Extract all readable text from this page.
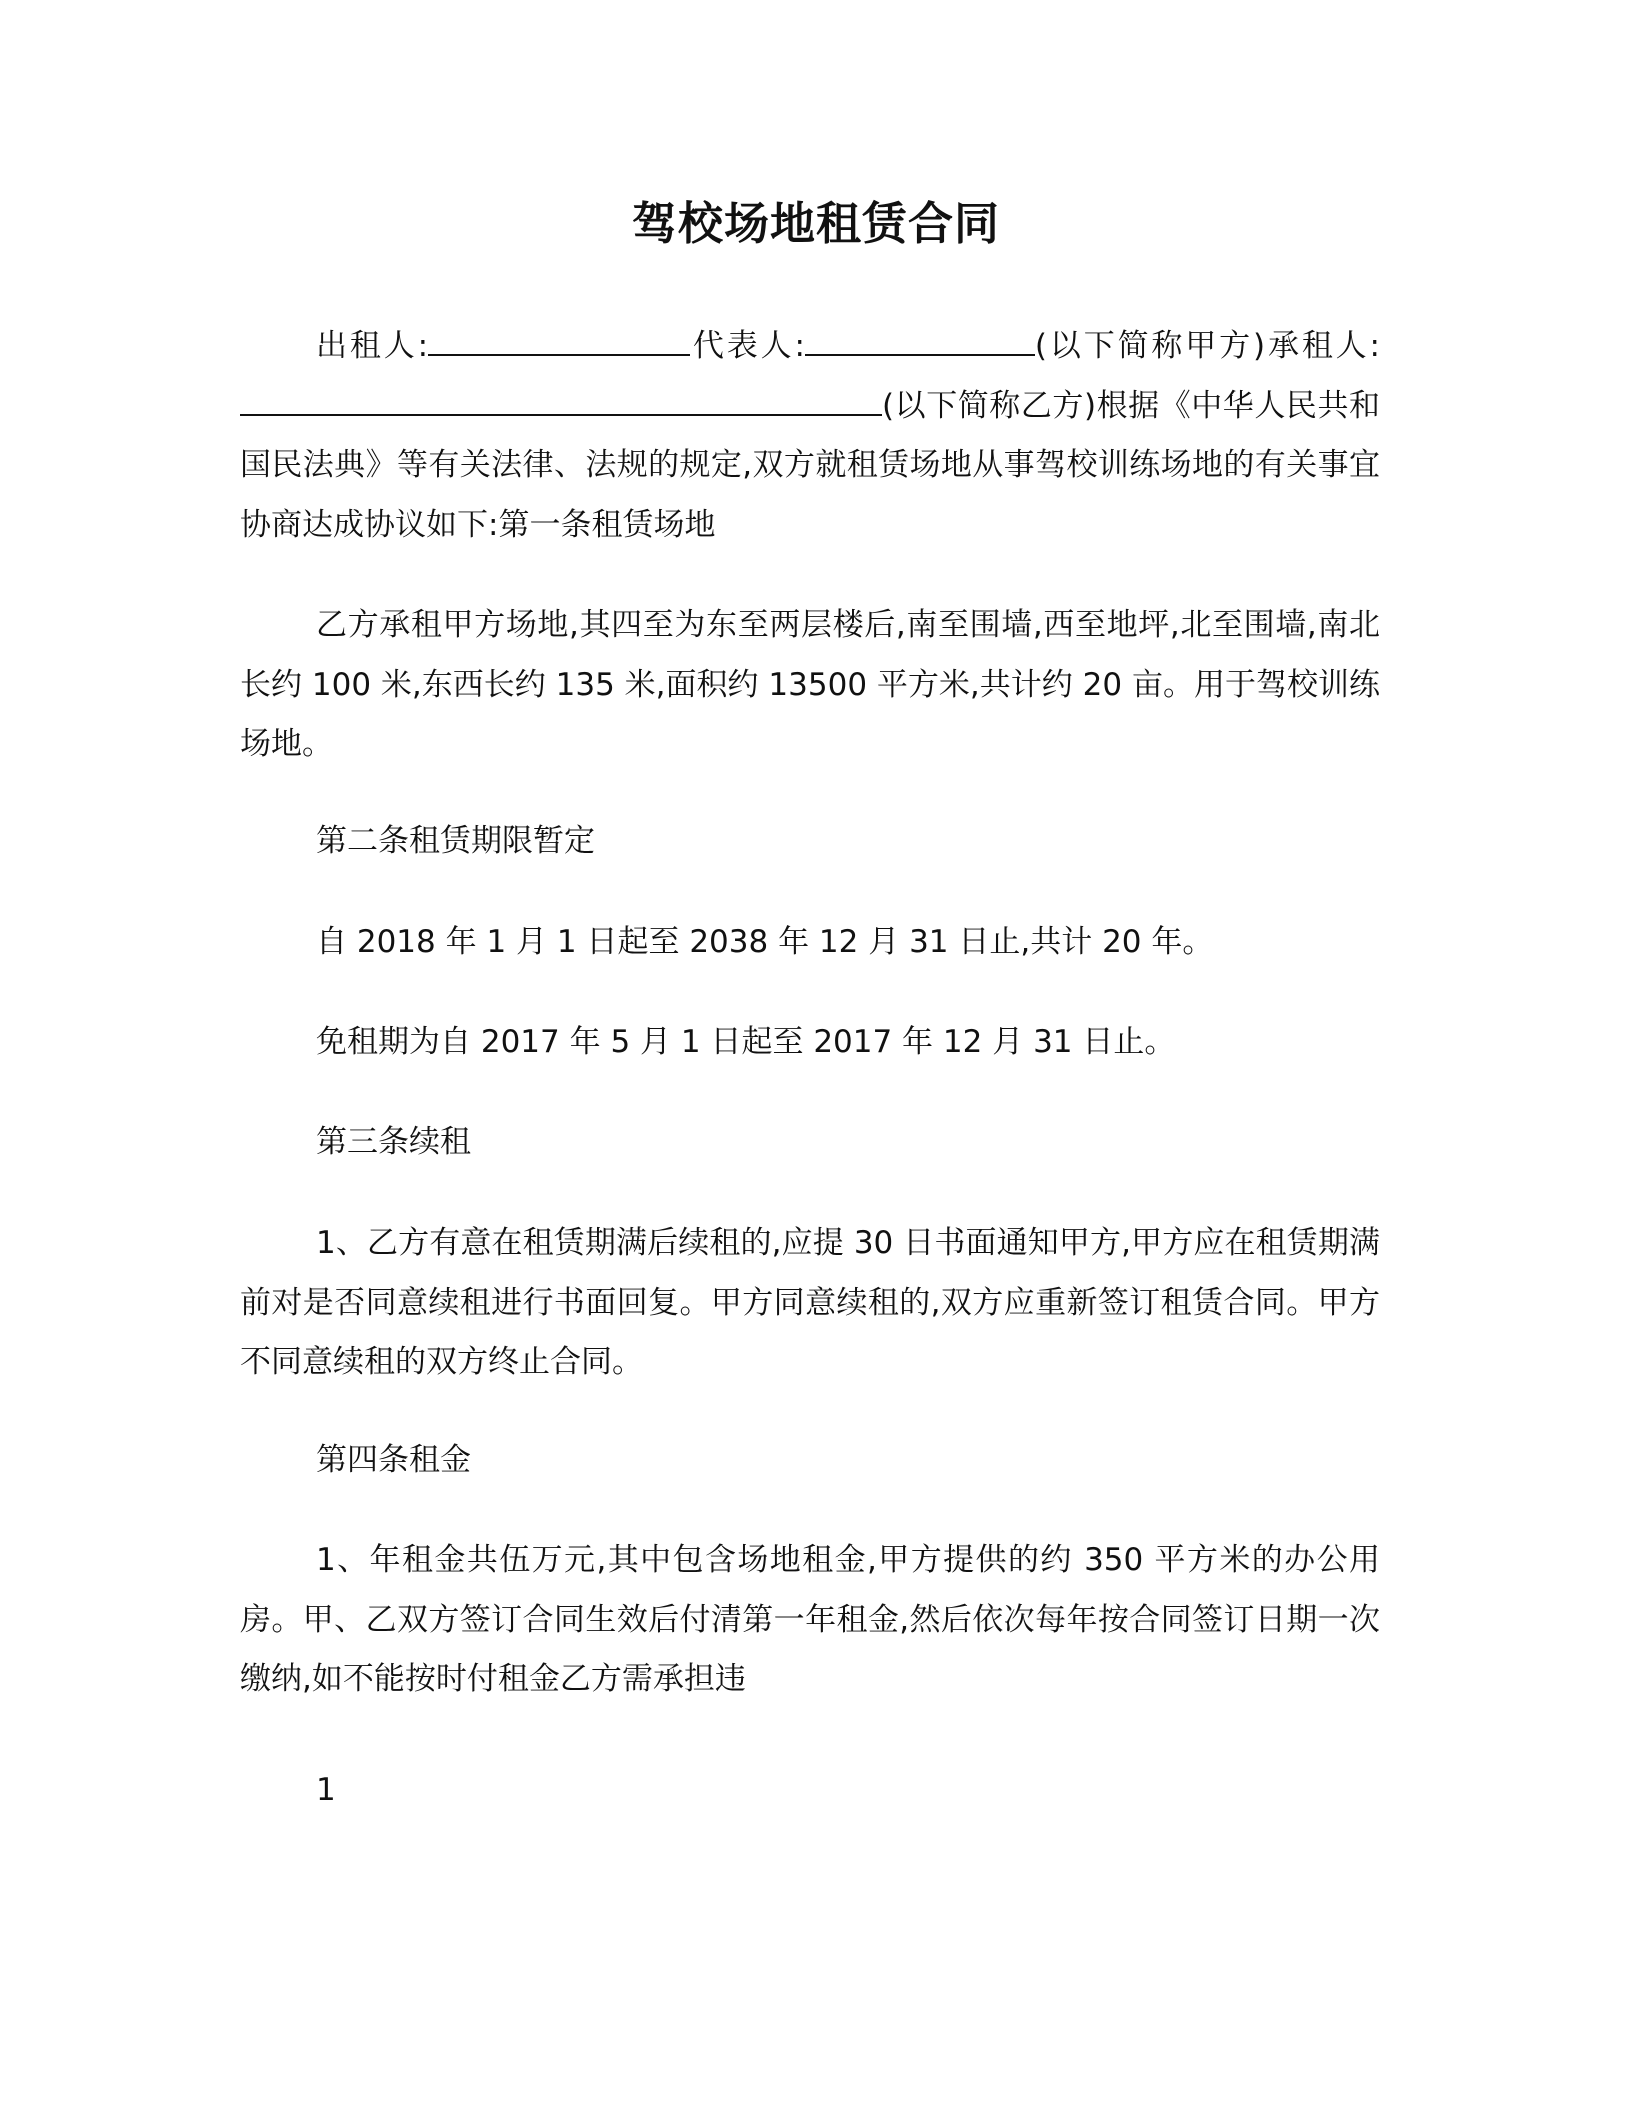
驾校场地租赁合同

出租人:	代表人:	(以下简称甲方)承租人:(以下简称乙方)根据《中华人民共和国民法典》等有关法律、法规的规定,双方就租赁场地从事驾校训练场地的有关事宜协商达成协议如下:第一条租赁场地

乙方承租甲方场地,其四至为东至两层楼后,南至围墙,西至地坪,北至围墙,南北长约 100 米,东西长约 135 米,面积约 13500 平方米,共计约 20 亩。用于驾校训练场地。

第二条租赁期限暂定

自 2018 年 1 月 1 日起至 2038 年 12 月 31 日止,共计 20 年。

免租期为自 2017 年 5 月 1 日起至 2017 年 12 月 31 日止。

第三条续租

1、乙方有意在租赁期满后续租的,应提 30 日书面通知甲方,甲方应在租赁期满前对是否同意续租进行书面回复。甲方同意续租的,双方应重新签订租赁合同。甲方不同意续租的双方终止合同。

第四条租金

1、年租金共伍万元,其中包含场地租金,甲方提供的约 350 平方米的办公用房。甲、乙双方签订合同生效后付清第一年租金,然后依次每年按合同签订日期一次缴纳,如不能按时付租金乙方需承担违

1
